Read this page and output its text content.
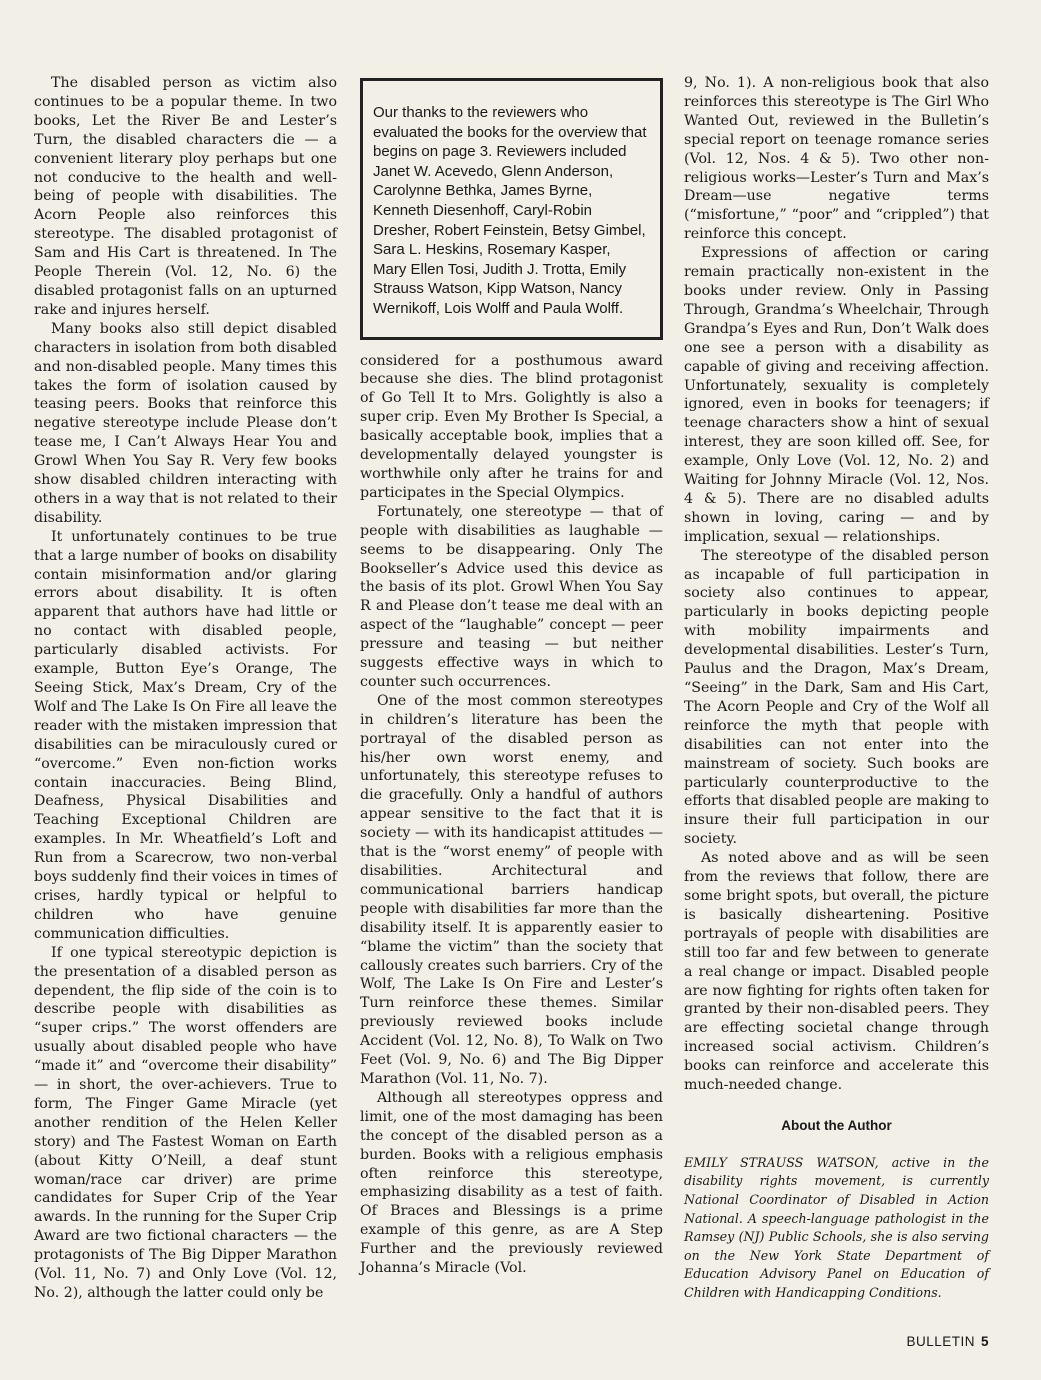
The disabled person as victim also continues to be a popular theme. In two books, Let the River Be and Lester’s Turn, the disabled characters die — a convenient literary ploy perhaps but one not conducive to the health and well-being of people with disabilities. The Acorn People also reinforces this stereotype. The disabled protagonist of Sam and His Cart is threatened. In The People Therein (Vol. 12, No. 6) the disabled protagonist falls on an upturned rake and injures herself.

Many books also still depict disabled characters in isolation from both disabled and non-disabled people. Many times this takes the form of isolation caused by teasing peers. Books that reinforce this negative stereotype include Please don’t tease me, I Can’t Always Hear You and Growl When You Say R. Very few books show disabled children interacting with others in a way that is not related to their disability.

It unfortunately continues to be true that a large number of books on disability contain misinformation and/or glaring errors about disability. It is often apparent that authors have had little or no contact with disabled people, particularly disabled activists. For example, Button Eye’s Orange, The Seeing Stick, Max’s Dream, Cry of the Wolf and The Lake Is On Fire all leave the reader with the mistaken impression that disabilities can be miraculously cured or “overcome.” Even non-fiction works contain inaccuracies. Being Blind, Deafness, Physical Disabilities and Teaching Exceptional Children are examples. In Mr. Wheatfield’s Loft and Run from a Scarecrow, two non-verbal boys suddenly find their voices in times of crises, hardly typical or helpful to children who have genuine communication difficulties.

If one typical stereotypic depiction is the presentation of a disabled person as dependent, the flip side of the coin is to describe people with disabilities as “super crips.” The worst offenders are usually about disabled people who have “made it” and “overcome their disability” — in short, the over-achievers. True to form, The Finger Game Miracle (yet another rendition of the Helen Keller story) and The Fastest Woman on Earth (about Kitty O’Neill, a deaf stunt woman/race car driver) are prime candidates for Super Crip of the Year awards. In the running for the Super Crip Award are two fictional characters — the protagonists of The Big Dipper Marathon (Vol. 11, No. 7) and Only Love (Vol. 12, No. 2), although the latter could only be

Our thanks to the reviewers who evaluated the books for the overview that begins on page 3. Reviewers included Janet W. Acevedo, Glenn Anderson, Carolynne Bethka, James Byrne, Kenneth Diesenhoff, Caryl-Robin Dresher, Robert Feinstein, Betsy Gimbel, Sara L. Heskins, Rosemary Kasper, Mary Ellen Tosi, Judith J. Trotta, Emily Strauss Watson, Kipp Watson, Nancy Wernikoff, Lois Wolff and Paula Wolff.

considered for a posthumous award because she dies. The blind protagonist of Go Tell It to Mrs. Golightly is also a super crip. Even My Brother Is Special, a basically acceptable book, implies that a developmentally delayed youngster is worthwhile only after he trains for and participates in the Special Olympics.

Fortunately, one stereotype — that of people with disabilities as laughable — seems to be disappearing. Only The Bookseller’s Advice used this device as the basis of its plot. Growl When You Say R and Please don’t tease me deal with an aspect of the “laughable” concept — peer pressure and teasing — but neither suggests effective ways in which to counter such occurrences.

One of the most common stereotypes in children’s literature has been the portrayal of the disabled person as his/her own worst enemy, and unfortunately, this stereotype refuses to die gracefully. Only a handful of authors appear sensitive to the fact that it is society — with its handicapist attitudes — that is the “worst enemy” of people with disabilities. Architectural and communicational barriers handicap people with disabilities far more than the disability itself. It is apparently easier to “blame the victim” than the society that callously creates such barriers. Cry of the Wolf, The Lake Is On Fire and Lester’s Turn reinforce these themes. Similar previously reviewed books include Accident (Vol. 12, No. 8), To Walk on Two Feet (Vol. 9, No. 6) and The Big Dipper Marathon (Vol. 11, No. 7).

Although all stereotypes oppress and limit, one of the most damaging has been the concept of the disabled person as a burden. Books with a religious emphasis often reinforce this stereotype, emphasizing disability as a test of faith. Of Braces and Blessings is a prime example of this genre, as are A Step Further and the previously reviewed Johanna’s Miracle (Vol.

9, No. 1). A non-religious book that also reinforces this stereotype is The Girl Who Wanted Out, reviewed in the Bulletin’s special report on teenage romance series (Vol. 12, Nos. 4 & 5). Two other non-religious works—Lester’s Turn and Max’s Dream—use negative terms (“misfortune,” “poor” and “crippled”) that reinforce this concept.

Expressions of affection or caring remain practically non-existent in the books under review. Only in Passing Through, Grandma’s Wheelchair, Through Grandpa’s Eyes and Run, Don’t Walk does one see a person with a disability as capable of giving and receiving affection. Unfortunately, sexuality is completely ignored, even in books for teenagers; if teenage characters show a hint of sexual interest, they are soon killed off. See, for example, Only Love (Vol. 12, No. 2) and Waiting for Johnny Miracle (Vol. 12, Nos. 4 & 5). There are no disabled adults shown in loving, caring — and by implication, sexual — relationships.

The stereotype of the disabled person as incapable of full participation in society also continues to appear, particularly in books depicting people with mobility impairments and developmental disabilities. Lester’s Turn, Paulus and the Dragon, Max’s Dream, “Seeing” in the Dark, Sam and His Cart, The Acorn People and Cry of the Wolf all reinforce the myth that people with disabilities can not enter into the mainstream of society. Such books are particularly counterproductive to the efforts that disabled people are making to insure their full participation in our society.

As noted above and as will be seen from the reviews that follow, there are some bright spots, but overall, the picture is basically disheartening. Positive portrayals of people with disabilities are still too far and few between to generate a real change or impact. Disabled people are now fighting for rights often taken for granted by their non-disabled peers. They are effecting societal change through increased social activism. Children’s books can reinforce and accelerate this much-needed change.

About the Author
EMILY STRAUSS WATSON, active in the disability rights movement, is currently National Coordinator of Disabled in Action National. A speech-language pathologist in the Ramsey (NJ) Public Schools, she is also serving on the New York State Department of Education Advisory Panel on Education of Children with Handicapping Conditions.
BULLETIN 5
